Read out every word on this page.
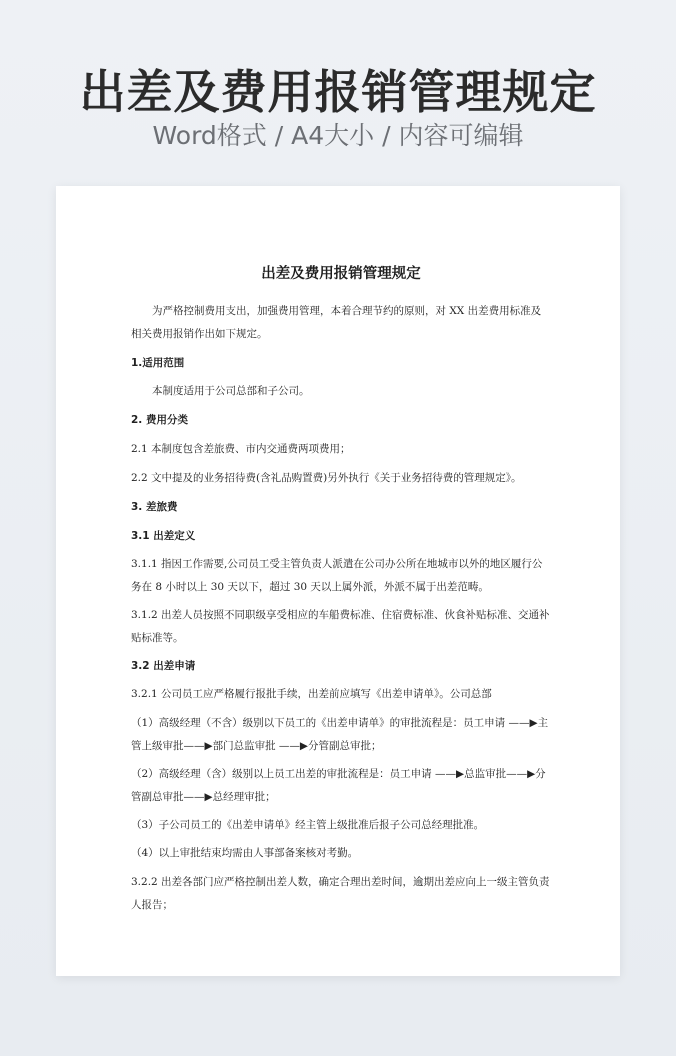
出差及费用报销管理规定

Word格式 / A4大小 / 内容可编辑

出差及费用报销管理规定

为严格控制费用支出，加强费用管理，本着合理节约的原则，对 XX 出差费用标准及相关费用报销作出如下规定。

1.适用范围

本制度适用于公司总部和子公司。

2. 费用分类

2.1 本制度包含差旅费、市内交通费两项费用；

2.2 文中提及的业务招待费(含礼品购置费)另外执行《关于业务招待费的管理规定》。

3. 差旅费

3.1 出差定义

3.1.1 指因工作需要,公司员工受主管负责人派遣在公司办公所在地城市以外的地区履行公务在 8 小时以上 30 天以下，超过 30 天以上属外派，外派不属于出差范畴。

3.1.2 出差人员按照不同职级享受相应的车船费标准、住宿费标准、伙食补贴标准、交通补贴标准等。

3.2 出差申请

3.2.1 公司员工应严格履行报批手续，出差前应填写《出差申请单》。公司总部

（1）高级经理（不含）级别以下员工的《出差申请单》的审批流程是：员工申请 ——▶主管上级审批——▶部门总监审批 ——▶分管副总审批；

（2）高级经理（含）级别以上员工出差的审批流程是：员工申请 ——▶总监审批——▶分管副总审批——▶总经理审批；

（3）子公司员工的《出差申请单》经主管上级批准后报子公司总经理批准。

（4）以上审批结束均需由人事部备案核对考勤。

3.2.2 出差各部门应严格控制出差人数，确定合理出差时间，逾期出差应向上一级主管负责人报告；
